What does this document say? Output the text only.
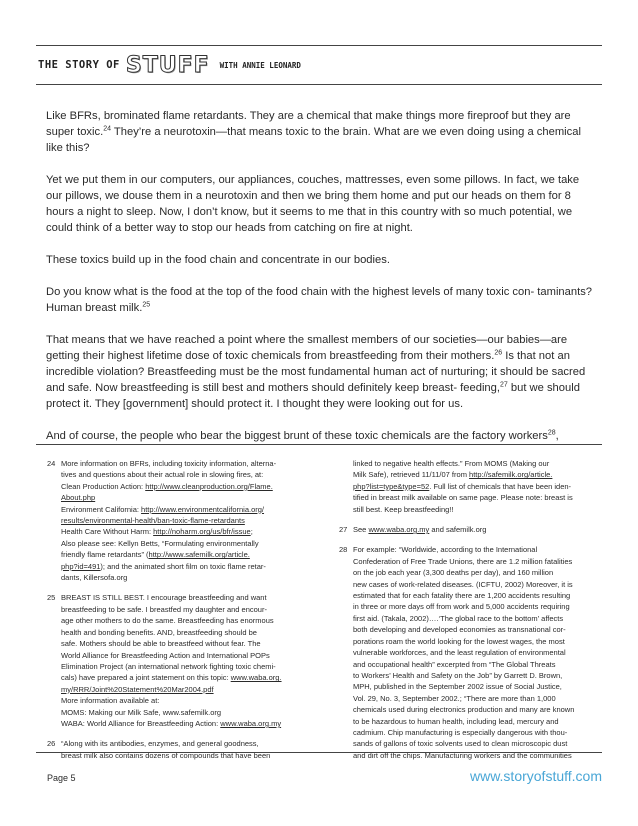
THE STORY OF STUFF WITH ANNIE LEONARD

Like BFRs, brominated flame retardants. They are a chemical that make things more fireproof but they are super toxic.$^{24}$ They’re a neurotoxin—that means toxic to the brain. What are we even doing using a chemical like this?

Yet we put them in our computers, our appliances, couches, mattresses, even some pillows. In fact, we take our pillows, we douse them in a neurotoxin and then we bring them home and put our heads on them for 8 hours a night to sleep. Now, I don’t know, but it seems to me that in this country with so much potential, we could think of a better way to stop our heads from catching on fire at night.

These toxics build up in the food chain and concentrate in our bodies.

Do you know what is the food at the top of the food chain with the highest levels of many toxic con- taminants? Human breast milk.$^{25}$

That means that we have reached a point where the smallest members of our societies—our babies—are getting their highest lifetime dose of toxic chemicals from breastfeeding from their mothers.$^{26}$ Is that not an incredible violation? Breastfeeding must be the most fundamental human act of nurturing; it should be sacred and safe. Now breastfeeding is still best and mothers should definitely keep breast- feeding,$^{27}$ but we should protect it. They [government] should protect it. I thought they were looking out for us.

And of course, the people who bear the biggest brunt of these toxic chemicals are the factory workers$^{28}$,

24 More information on BFRs, including toxicity information, alterna-
tives and questions about their actual role in slowing fires, at:
Clean Production Action: http://www.cleanproduction.org/Flame.
About.php
Environment California: http://www.environmentcalifornia.org/
results/environmental-health/ban-toxic-flame-retardants
Health Care Without Harm: http://noharm.org/us/bfr/issue;
Also please see: Kellyn Betts, “Formulating environmentally
friendly flame retardants” (http://www.safemilk.org/article.
php?id=491); and the animated short film on toxic flame retar-
dants, Killersofa.org
25 BREAST IS STILL BEST. I encourage breastfeeding and want
breastfeeding to be safe. I breastfed my daughter and encour-
age other mothers to do the same. Breastfeeding has enormous
health and bonding benefits. AND, breastfeeding should be
safe. Mothers should be able to breastfeed without fear. The
World Alliance for Breastfeeding Action and International POPs
Elimination Project (an international network fighting toxic chemi-
cals) have prepared a joint statement on this topic: www.waba.org.
my/RRR/Joint%20Statement%20Mar2004.pdf
More information available at:
MOMS: Making our Milk Safe, www.safemilk.org
WABA: World Alliance for Breastfeeding Action: www.waba.org.my
26 “Along with its antibodies, enzymes, and general goodness,
breast milk also contains dozens of compounds that have been
linked to negative health effects.” From MOMS (Making our
Milk Safe), retrieved 11/11/07 from http://safemilk.org/article.
php?list=type&type=52. Full list of chemicals that have been iden-
tified in breast milk available on same page. Please note: breast is
still best. Keep breastfeeding!!
27 See www.waba.org.my and safemilk.org
28 For example: “Worldwide, according to the International
Confederation of Free Trade Unions, there are 1.2 million fatalities
on the job each year (3,300 deaths per day), and 160 million
new cases of work-related diseases. (ICFTU, 2002) Moreover, it is
estimated that for each fatality there are 1,200 accidents resulting
in three or more days off from work and 5,000 accidents requiring
first aid. (Takala, 2002)….‘The global race to the bottom’ affects
both developing and developed economies as transnational cor-
porations roam the world looking for the lowest wages, the most
vulnerable workforces, and the least regulation of environmental
and occupational health” excerpted from “The Global Threats
to Workers’ Health and Safety on the Job” by Garrett D. Brown,
MPH, published in the September 2002 issue of Social Justice,
Vol. 29, No. 3, September 2002.; “There are more than 1,000
chemicals used during electronics production and many are known
to be hazardous to human health, including lead, mercury and
cadmium. Chip manufacturing is especially dangerous with thou-
sands of gallons of toxic solvents used to clean microscopic dust
and dirt off the chips. Manufacturing workers and the communities
Page 5	www.storyofstuff.com
